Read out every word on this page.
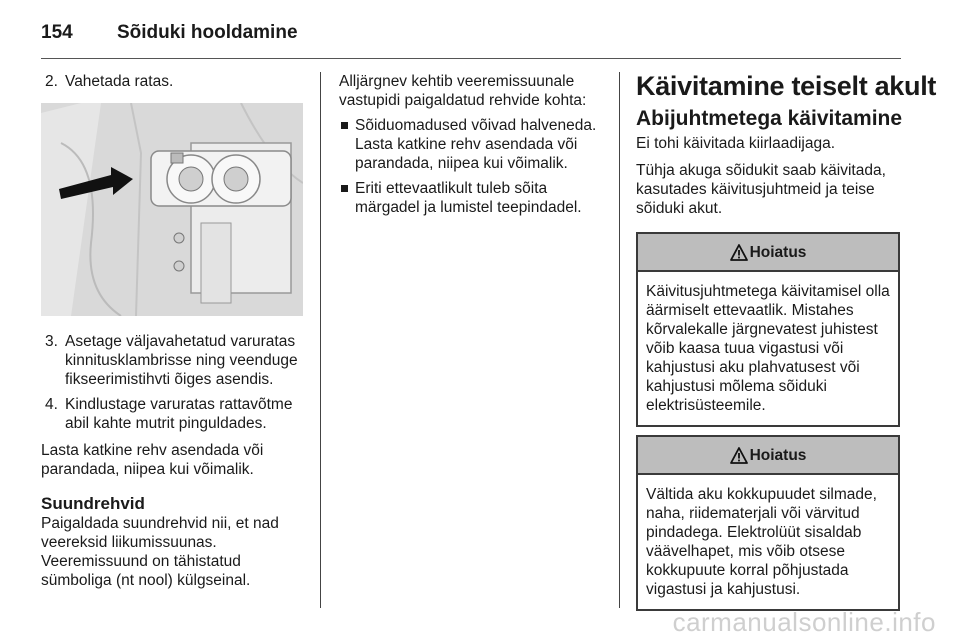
154 Sõiduki hooldamine
2. Vahetada ratas.

3. Asetage väljavahetatud varuratas kinnitusklambrisse ning veenduge fikseerimistihvti õiges asendis.

4. Kindlustage varuratas rattavõtme abil kahte mutrit pinguldades.

Lasta katkine rehv asendada või parandada, niipea kui võimalik.

Suundrehvid

Paigaldada suundrehvid nii, et nad veereksid liikumissuunas. Veeremissuund on tähistatud sümboliga (nt nool) külgseinal.

Alljärgnev kehtib veeremissuunale vastupidi paigaldatud rehvide kohta:

Sõiduomadused võivad halveneda. Lasta katkine rehv asendada või parandada, niipea kui võimalik.

Eriti ettevaatlikult tuleb sõita märgadel ja lumistel teepindadel.

Käivitamine teiselt akult
Abijuhtmetega käivitamine

Ei tohi käivitada kiirlaadijaga.

Tühja akuga sõidukit saab käivitada, kasutades käivitusjuhtmeid ja teise sõiduki akut.

Hoiatus
Käivitusjuhtmetega käivitamisel olla äärmiselt ettevaatlik. Mistahes kõrvalekalle järgnevatest juhistest võib kaasa tuua vigastusi või kahjustusi aku plahvatusest või kahjustusi mõlema sõiduki elektrisüsteemile.
Hoiatus
Vältida aku kokkupuudet silmade, naha, riidematerjali või värvitud pindadega. Elektrolüüt sisaldab väävelhapet, mis võib otsese kokkupuute korral põhjustada vigastusi ja kahjustusi.
carmanualsonline.info
